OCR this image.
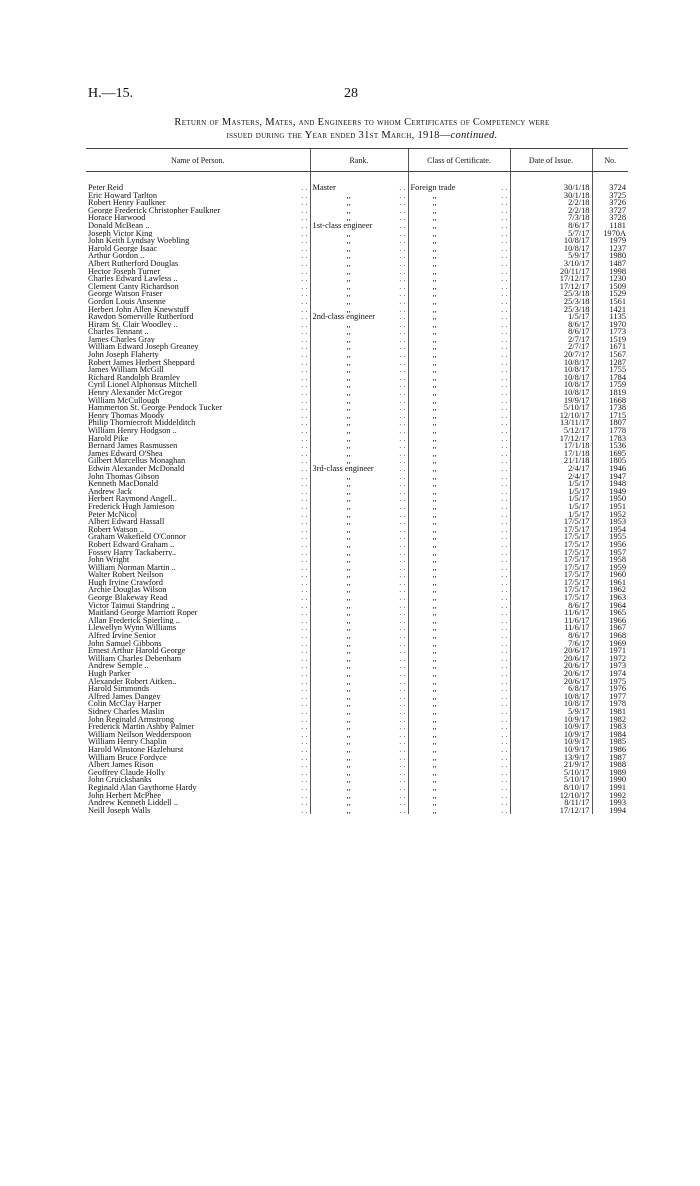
H.—15.	28
Return of Masters, Mates, and Engineers to whom Certificates of Competency were
issued during the Year ended 31st March, 1918—continued.
Name of Person.	Rank.	Class of Certificate.	Date of Issue.	No.

Peter Reid . .	Master . .	Foreign trade . .	30/1/18	3724
Eric Howard Tarlton . .	,, . .	,, . .	30/1/18	3725
Robert Henry Faulkner . .	,, . .	,, . .	2/2/18	3726
George Frederick Christopher Faulkner . .	,, . .	,, . .	2/2/18	3727
Horace Harwood . .	,, . .	,, . .	7/3/18	3728
Donald McBean .. . .	1st-class engineer . .	,, . .	8/6/17	1181
Joseph Victor King . .	,, . .	,, . .	5/7/17	1970A
John Keith Lyndsay Woebling . .	,, . .	,, . .	10/8/17	1979
Harold George Isaac . .	,, . .	,, . .	10/8/17	1237
Arthur Gordon .. . .	,, . .	,, . .	5/9/17	1980
Albert Rutherford Douglas . .	,, . .	,, . .	3/10/17	1487
Hector Joseph Turner . .	,, . .	,, . .	20/11/17	1998
Charles Edward Lawless .. . .	,, . .	,, . .	17/12/17	1230
Clement Canty Richardson . .	,, . .	,, . .	17/12/17	1509
George Watson Fraser . .	,, . .	,, . .	25/3/18	1529
Gordon Louis Ansenne . .	,, . .	,, . .	25/3/18	1561
Herbert John Allen Knewstuff . .	,, . .	,, . .	25/3/18	1421
Rawdon Somerville Rutherford . .	2nd-class engineer . .	,, . .	1/5/17	1135
Hiram St. Clair Woodley .. . .	,, . .	,, . .	8/6/17	1970
Charles Tennant .. . .	,, . .	,, . .	8/6/17	1773
James Charles Gray . .	,, . .	,, . .	2/7/17	1519
William Edward Joseph Greaney . .	,, . .	,, . .	2/7/17	1671
John Joseph Flaherty . .	,, . .	,, . .	20/7/17	1567
Robert James Herbert Sheppard . .	,, . .	,, . .	10/8/17	1287
James William McGill . .	,, . .	,, . .	10/8/17	1755
Richard Randolph Bramley . .	,, . .	,, . .	10/8/17	1784
Cyril Lionel Alphonsus Mitchell . .	,, . .	,, . .	10/8/17	1759
Henry Alexander McGregor . .	,, . .	,, . .	10/8/17	1819
William McCullough . .	,, . .	,, . .	19/9/17	1668
Hammerton St. George Pendock Tucker . .	,, . .	,, . .	5/10/17	1738
Henry Thomas Moody . .	,, . .	,, . .	12/10/17	1715
Philip Thorniecroft Middelditch . .	,, . .	,, . .	13/11/17	1807
William Henry Hodgson .. . .	,, . .	,, . .	5/12/17	1778
Harold Pike . .	,, . .	,, . .	17/12/17	1783
Bernard James Rasmussen . .	,, . .	,, . .	17/1/18	1536
James Edward O'Shea . .	,, . .	,, . .	17/1/18	1695
Gilbert Marcellus Monaghan . .	,, . .	,, . .	21/1/18	1805
Edwin Alexander McDonald . .	3rd-class engineer . .	,, . .	2/4/17	1946
John Thomas Gibson . .	,, . .	,, . .	2/4/17	1947
Kenneth MacDonald . .	,, . .	,, . .	1/5/17	1948
Andrew Jack . .	,, . .	,, . .	1/5/17	1949
Herbert Raymond Angell.. . .	,, . .	,, . .	1/5/17	1950
Frederick Hugh Jamieson . .	,, . .	,, . .	1/5/17	1951
Peter McNicol . .	,, . .	,, . .	1/5/17	1952
Albert Edward Hassall . .	,, . .	,, . .	17/5/17	1953
Robert Watson .. . .	,, . .	,, . .	17/5/17	1954
Graham Wakefield O'Connor . .	,, . .	,, . .	17/5/17	1955
Robert Edward Graham .. . .	,, . .	,, . .	17/5/17	1956
Fossey Harry Tackaberry.. . .	,, . .	,, . .	17/5/17	1957
John Wright . .	,, . .	,, . .	17/5/17	1958
William Norman Martin .. . .	,, . .	,, . .	17/5/17	1959
Walter Robert Neilson . .	,, . .	,, . .	17/5/17	1960
Hugh Irvine Crawford . .	,, . .	,, . .	17/5/17	1961
Archie Douglas Wilson . .	,, . .	,, . .	17/5/17	1962
George Blakeway Read . .	,, . .	,, . .	17/5/17	1963
Victor Taimui Standring .. . .	,, . .	,, . .	8/6/17	1964
Maitland George Marriott Roper . .	,, . .	,, . .	11/6/17	1965
Allan Frederick Spierling .. . .	,, . .	,, . .	11/6/17	1966
Llewellyn Wynn Williams . .	,, . .	,, . .	11/6/17	1967
Alfred Irvine Senior . .	,, . .	,, . .	8/6/17	1968
John Samuel Gibbons . .	,, . .	,, . .	7/6/17	1969
Ernest Arthur Harold George . .	,, . .	,, . .	20/6/17	1971
William Charles Debenham . .	,, . .	,, . .	20/6/17	1972
Andrew Semple .. . .	,, . .	,, . .	20/6/17	1973
Hugh Parker . .	,, . .	,, . .	20/6/17	1974
Alexander Robert Aitken.. . .	,, . .	,, . .	20/6/17	1975
Harold Simmonds . .	,, . .	,, . .	6/8/17	1976
Alfred James Dangey . .	,, . .	,, . .	10/8/17	1977
Colin McClay Harper . .	,, . .	,, . .	10/8/17	1978
Sidney Charles Maslin . .	,, . .	,, . .	5/9/17	1981
John Reginald Armstrong . .	,, . .	,, . .	10/9/17	1982
Frederick Martin Ashby Palmer . .	,, . .	,, . .	10/9/17	1983
William Neilson Wedderspoon . .	,, . .	,, . .	10/9/17	1984
William Henry Chaplin . .	,, . .	,, . .	10/9/17	1985
Harold Winstone Hazlehurst . .	,, . .	,, . .	10/9/17	1986
William Bruce Fordyce . .	,, . .	,, . .	13/9/17	1987
Albert James Rison . .	,, . .	,, . .	21/9/17	1988
Geoffrey Claude Holly . .	,, . .	,, . .	5/10/17	1989
John Cruickshanks . .	,, . .	,, . .	5/10/17	1990
Reginald Alan Gaythorne Hardy . .	,, . .	,, . .	8/10/17	1991
John Herbert McPhee . .	,, . .	,, . .	12/10/17	1992
Andrew Kenneth Liddell .. . .	,, . .	,, . .	8/11/17	1993
Neill Joseph Walls . .	,, . .	,, . .	17/12/17	1994
